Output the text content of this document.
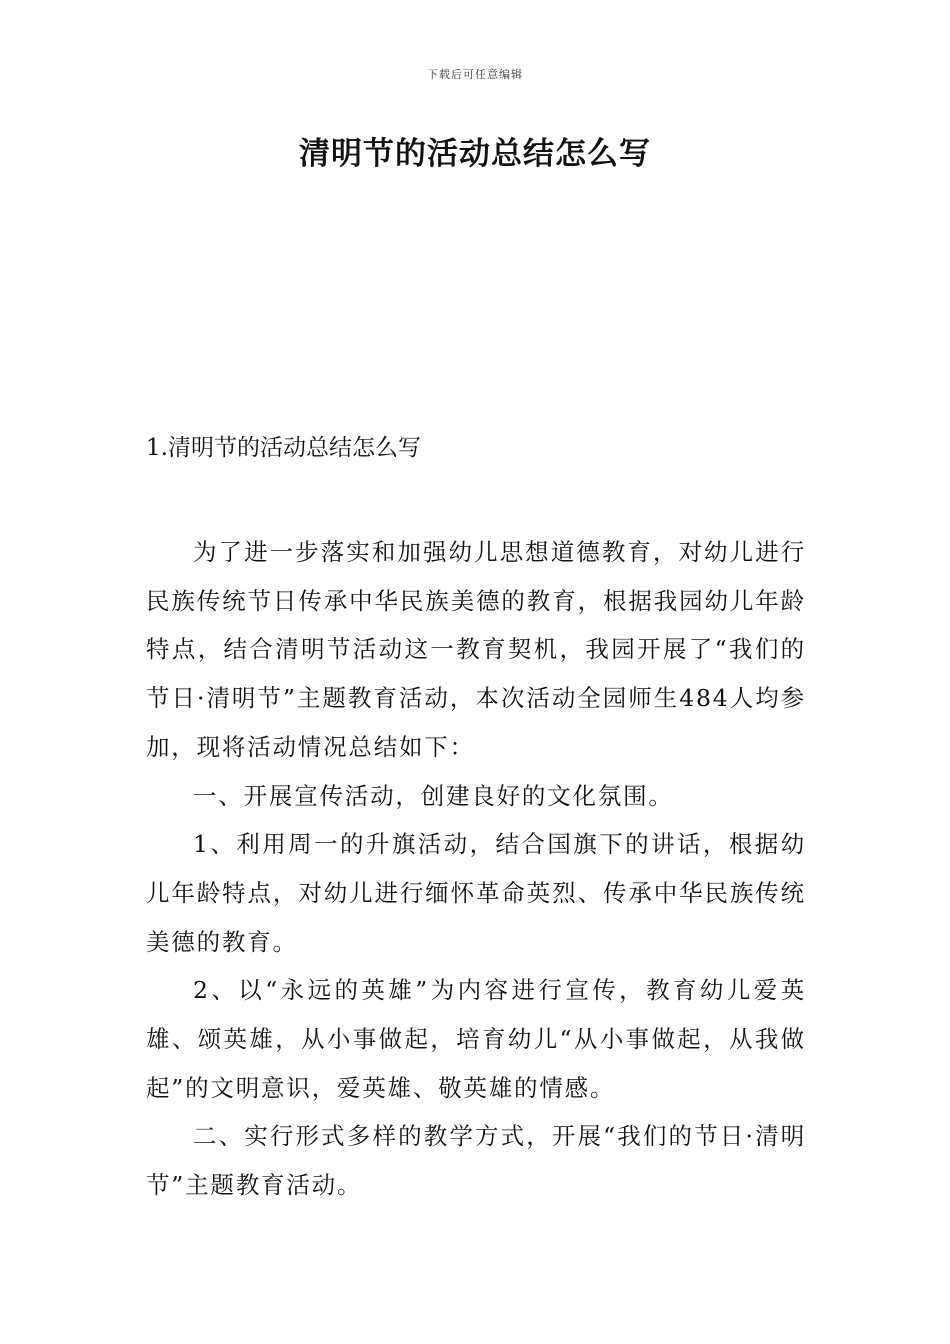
下载后可任意编辑
清明节的活动总结怎么写
1.清明节的活动总结怎么写

为了进一步落实和加强幼儿思想道德教育，对幼儿进行民族传统节日传承中华民族美德的教育，根据我园幼儿年龄特点，结合清明节活动这一教育契机，我园开展了“我们的节日·清明节”主题教育活动，本次活动全园师生484人均参加，现将活动情况总结如下：

一、开展宣传活动，创建良好的文化氛围。

1、利用周一的升旗活动，结合国旗下的讲话，根据幼儿年龄特点，对幼儿进行缅怀革命英烈、传承中华民族传统美德的教育。

2、以“永远的英雄”为内容进行宣传，教育幼儿爱英雄、颂英雄，从小事做起，培育幼儿“从小事做起，从我做起”的文明意识，爱英雄、敬英雄的情感。

二、实行形式多样的教学方式，开展“我们的节日·清明节”主题教育活动。
